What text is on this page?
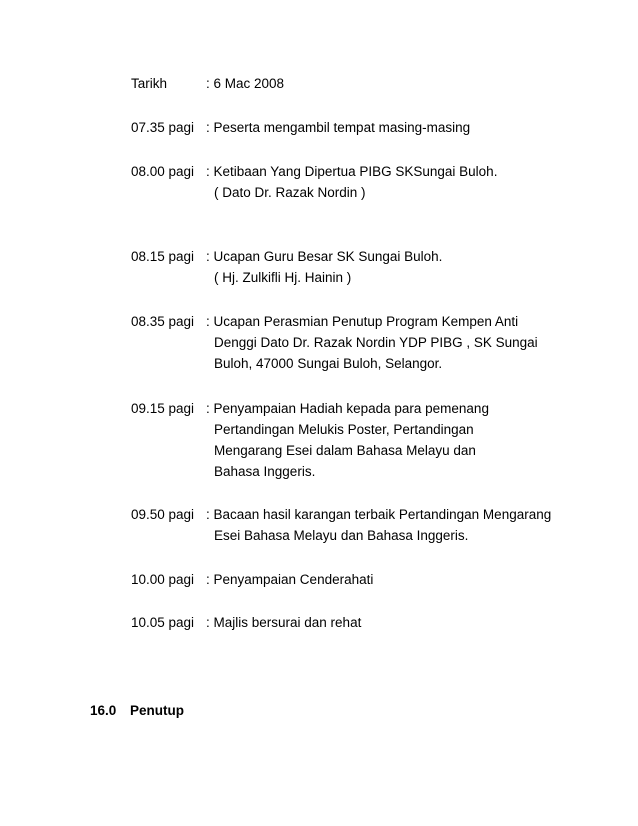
Tarikh	: 6 Mac 2008
07.35 pagi : Peserta mengambil tempat masing-masing
08.00 pagi : Ketibaan Yang Dipertua PIBG SKSungai Buloh.
( Dato Dr. Razak Nordin )
08.15 pagi : Ucapan Guru Besar SK Sungai Buloh.
( Hj. Zulkifli Hj. Hainin )
08.35 pagi : Ucapan Perasmian Penutup Program Kempen Anti
Denggi Dato Dr. Razak Nordin YDP PIBG , SK Sungai
Buloh, 47000 Sungai Buloh, Selangor.
09.15 pagi : Penyampaian Hadiah kepada para pemenang
Pertandingan Melukis Poster, Pertandingan
Mengarang Esei dalam Bahasa Melayu dan
Bahasa Inggeris.
09.50 pagi : Bacaan hasil karangan terbaik Pertandingan Mengarang
Esei Bahasa Melayu dan Bahasa Inggeris.
10.00 pagi : Penyampaian Cenderahati
10.05 pagi : Majlis bersurai dan rehat
16.0 Penutup
